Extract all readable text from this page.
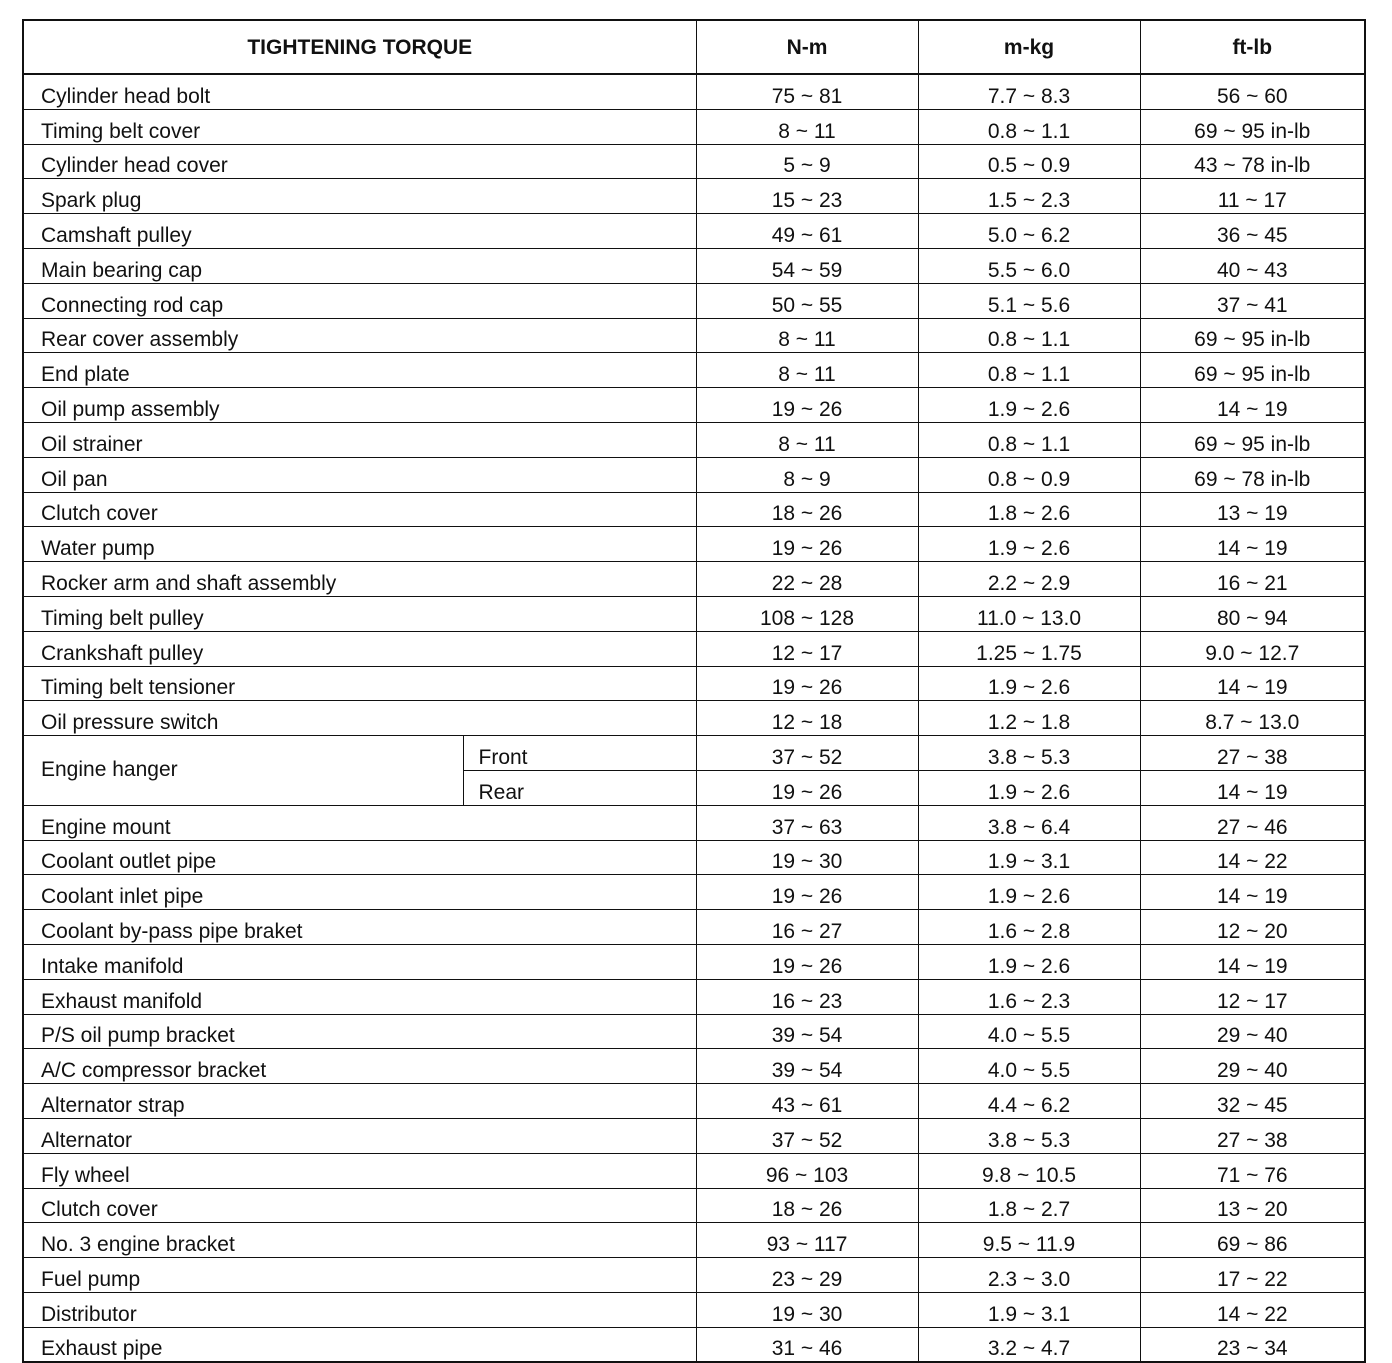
TIGHTENING TORQUE		N-m	m-kg	ft-lb
Cylinder head bolt		75 ~ 81	7.7 ~ 8.3	56 ~ 60
Timing belt cover		8 ~ 11	0.8 ~ 1.1	69 ~ 95 in-lb
Cylinder head cover		5 ~ 9	0.5 ~ 0.9	43 ~ 78 in-lb
Spark plug		15 ~ 23	1.5 ~ 2.3	11 ~ 17
Camshaft pulley		49 ~ 61	5.0 ~ 6.2	36 ~ 45
Main bearing cap		54 ~ 59	5.5 ~ 6.0	40 ~ 43
Connecting rod cap		50 ~ 55	5.1 ~ 5.6	37 ~ 41
Rear cover assembly		8 ~ 11	0.8 ~ 1.1	69 ~ 95 in-lb
End plate		8 ~ 11	0.8 ~ 1.1	69 ~ 95 in-lb
Oil pump assembly		19 ~ 26	1.9 ~ 2.6	14 ~ 19
Oil strainer		8 ~ 11	0.8 ~ 1.1	69 ~ 95 in-lb
Oil pan		8 ~ 9	0.8 ~ 0.9	69 ~ 78 in-lb
Clutch cover		18 ~ 26	1.8 ~ 2.6	13 ~ 19
Water pump		19 ~ 26	1.9 ~ 2.6	14 ~ 19
Rocker arm and shaft assembly		22 ~ 28	2.2 ~ 2.9	16 ~ 21
Timing belt pulley		108 ~ 128	11.0 ~ 13.0	80 ~ 94
Crankshaft pulley		12 ~ 17	1.25 ~ 1.75	9.0 ~ 12.7
Timing belt tensioner		19 ~ 26	1.9 ~ 2.6	14 ~ 19
Oil pressure switch		12 ~ 18	1.2 ~ 1.8	8.7 ~ 13.0
Engine hanger	Front	37 ~ 52	3.8 ~ 5.3	27 ~ 38
	Rear	19 ~ 26	1.9 ~ 2.6	14 ~ 19
Engine mount		37 ~ 63	3.8 ~ 6.4	27 ~ 46
Coolant outlet pipe		19 ~ 30	1.9 ~ 3.1	14 ~ 22
Coolant inlet pipe		19 ~ 26	1.9 ~ 2.6	14 ~ 19
Coolant by-pass pipe braket		16 ~ 27	1.6 ~ 2.8	12 ~ 20
Intake manifold		19 ~ 26	1.9 ~ 2.6	14 ~ 19
Exhaust manifold		16 ~ 23	1.6 ~ 2.3	12 ~ 17
P/S oil pump bracket		39 ~ 54	4.0 ~ 5.5	29 ~ 40
A/C compressor bracket		39 ~ 54	4.0 ~ 5.5	29 ~ 40
Alternator strap		43 ~ 61	4.4 ~ 6.2	32 ~ 45
Alternator		37 ~ 52	3.8 ~ 5.3	27 ~ 38
Fly wheel		96 ~ 103	9.8 ~ 10.5	71 ~ 76
Clutch cover		18 ~ 26	1.8 ~ 2.7	13 ~ 20
No. 3 engine bracket		93 ~ 117	9.5 ~ 11.9	69 ~ 86
Fuel pump		23 ~ 29	2.3 ~ 3.0	17 ~ 22
Distributor		19 ~ 30	1.9 ~ 3.1	14 ~ 22
Exhaust pipe		31 ~ 46	3.2 ~ 4.7	23 ~ 34
